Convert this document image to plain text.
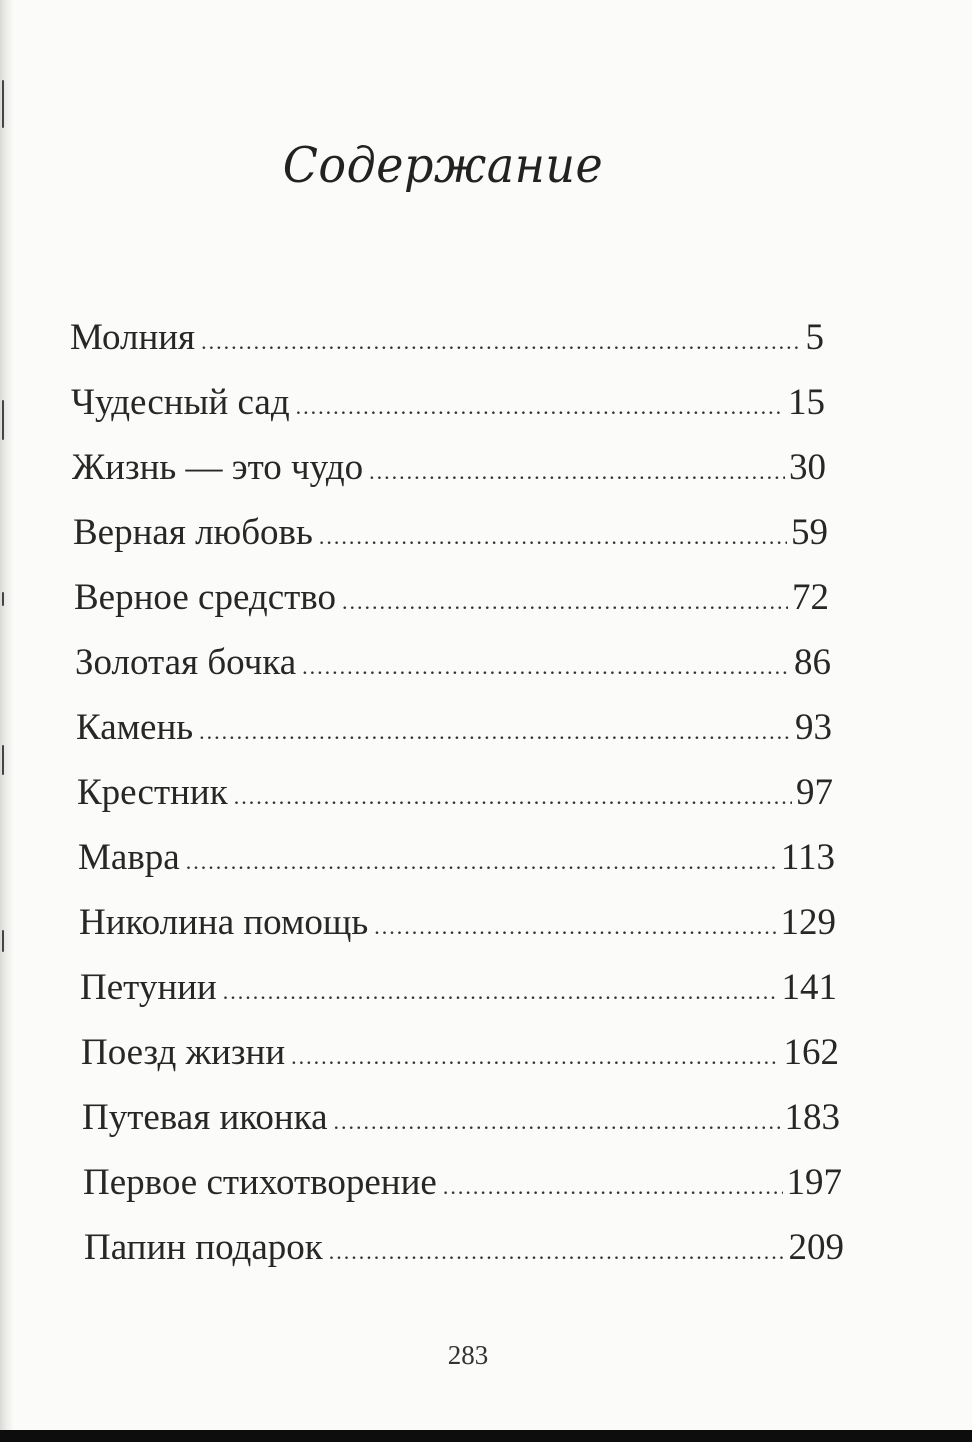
Содержание
Молния .....	5
Чудесный сад .....	15
Жизнь — это чудо .....	30
Верная любовь .....	59
Верное средство .....	72
Золотая бочка .....	86
Камень .....	93
Крестник .....	97
Мавра .....	113
Николина помощь .....	129
Петунии .....	141
Поезд жизни .....	162
Путевая иконка .....	183
Первое стихотворение .....	197
Папин подарок .....	209
283
